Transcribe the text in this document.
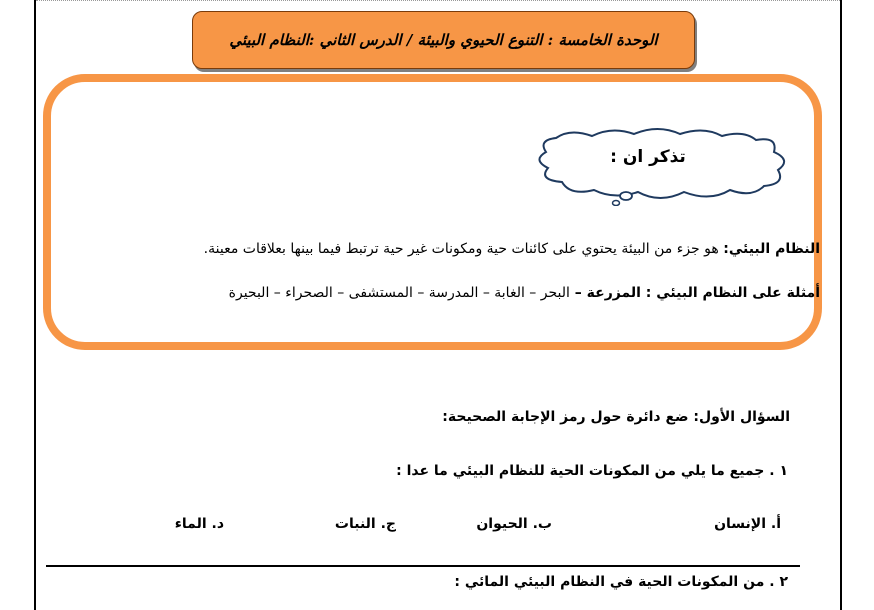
الوحدة الخامسة : التنوع الحيوي والبيئة / الدرس الثاني :النظام البيئي
تذكر ان :
النظام البيئي: هو جزء من البيئة يحتوي على كائنات حية ومكونات غير حية ترتبط فيما بينها بعلاقات معينة.
أمثلة على النظام البيئي : المزرعة – البحر – الغابة – المدرسة – المستشفى – الصحراء – البحيرة
السؤال الأول: ضع دائرة حول رمز الإجابة الصحيحة:
١ . جميع ما يلي من المكونات الحية للنظام البيئي ما عدا :
أ. الإنسان
ب. الحيوان
ج. النبات
د. الماء
٢ . من المكونات الحية في النظام البيئي المائي :
